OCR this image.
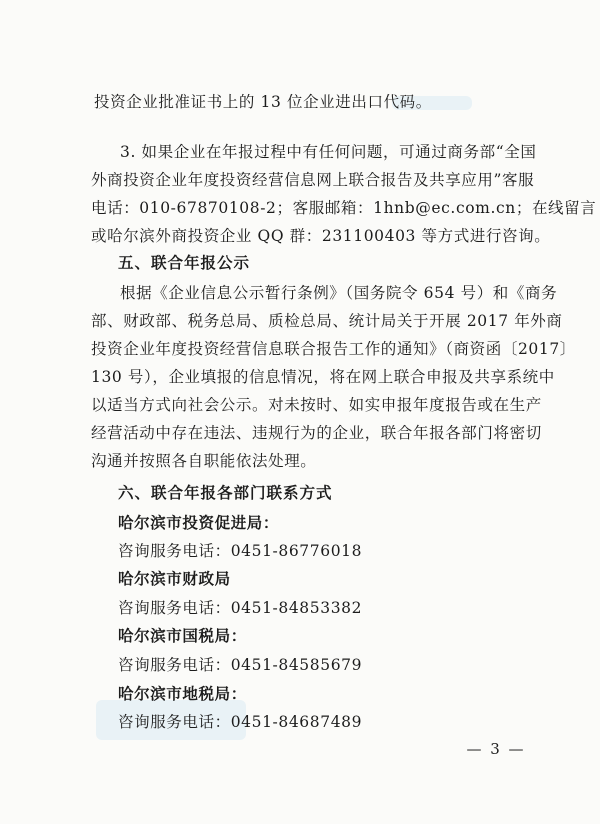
投资企业批准证书上的 13 位企业进出口代码。
3. 如果企业在年报过程中有任何问题，可通过商务部“全国
外商投资企业年度投资经营信息网上联合报告及共享应用”客服
电话：010-67870108-2；客服邮箱：1hnb@ec.com.cn；在线留言
或哈尔滨外商投资企业 QQ 群：231100403 等方式进行咨询。
五、联合年报公示
根据《企业信息公示暂行条例》（国务院令 654 号）和《商务
部、财政部、税务总局、质检总局、统计局关于开展 2017 年外商
投资企业年度投资经营信息联合报告工作的通知》（商资函〔2017〕
130 号），企业填报的信息情况，将在网上联合申报及共享系统中
以适当方式向社会公示。对未按时、如实申报年度报告或在生产
经营活动中存在违法、违规行为的企业，联合年报各部门将密切
沟通并按照各自职能依法处理。
六、联合年报各部门联系方式
哈尔滨市投资促进局：
咨询服务电话：0451-86776018
哈尔滨市财政局
咨询服务电话：0451-84853382
哈尔滨市国税局：
咨询服务电话：0451-84585679
哈尔滨市地税局：
咨询服务电话：0451-84687489
— 3 —
